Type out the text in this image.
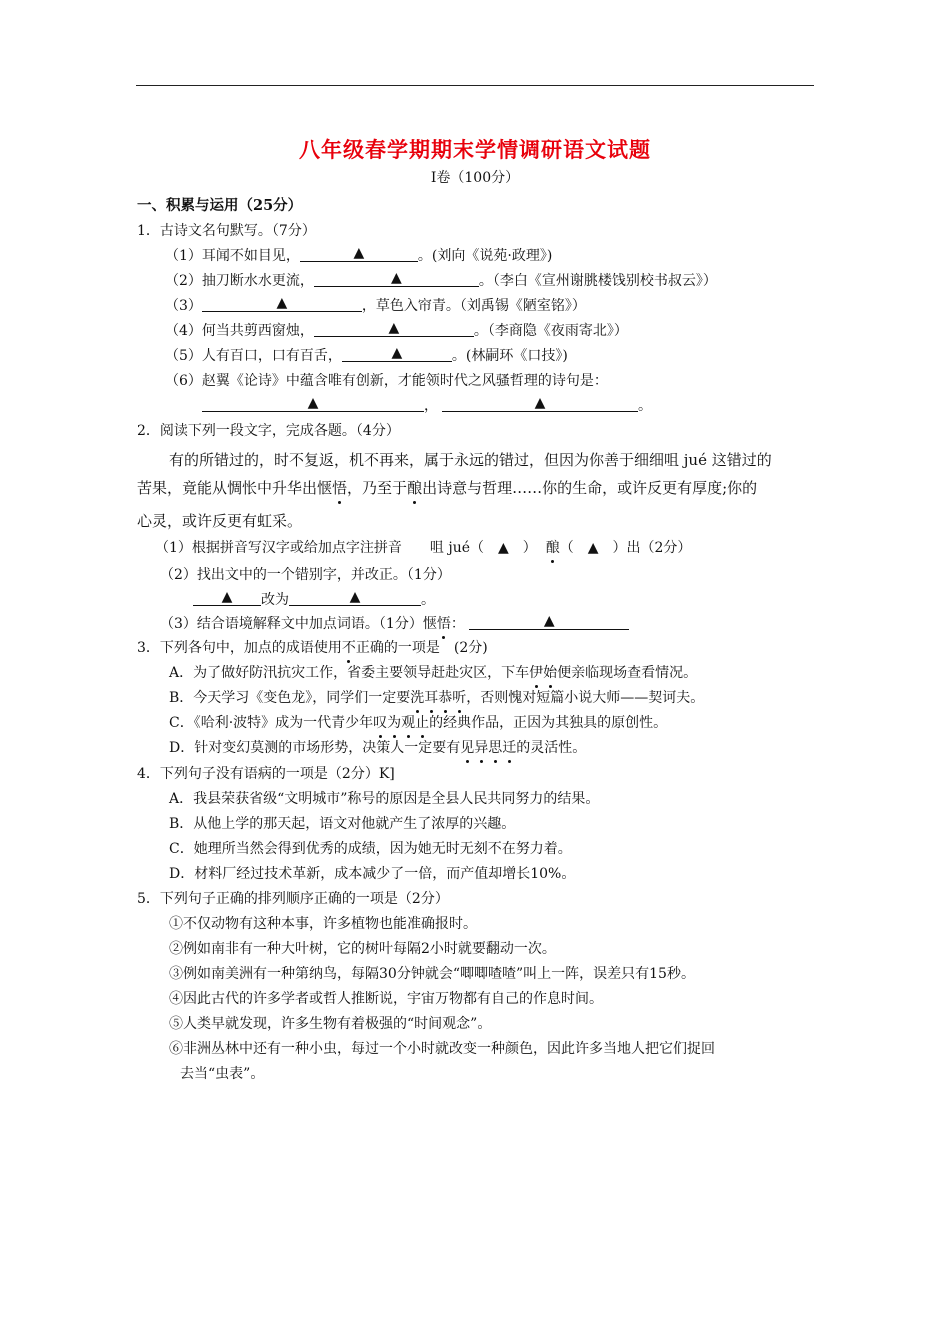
八年级春学期期末学情调研语文试题
Ⅰ卷（100分）
一、积累与运用（25分）
1．古诗文名句默写。（7分）
（1）耳闻不如目见，	▲	。(刘向《说苑·政理》)
（2）抽刀断水水更流，	▲	。（李白《宣州谢朓楼饯别校书叔云》）
（3）	▲	，草色入帘青。（刘禹锡《陋室铭》）
（4）何当共剪西窗烛，	▲	。（李商隐《夜雨寄北》）
（5）人有百口，口有百舌，	▲	。(林嗣环《口技》)
（6）赵翼《论诗》中蕴含唯有创新，才能领时代之风骚哲理的诗句是：
▲	，	▲	。
2．阅读下列一段文字，完成各题。（4分）
有的所错过的，时不复返，机不再来，属于永远的错过，但因为你善于细细咀 jué 这错过的
苦果，竟能从惆怅中升华出惬悟，乃至于酿出诗意与哲理……你的生命，或许反更有厚度;你的
心灵，或许反更有虹采。
（1）根据拼音写汉字或给加点字注拼音　　咀 jué（　▲　） 酿（　▲　）出（2分）
（2）找出文中的一个错别字，并改正。（1分）
▲ 改为	▲	。
（3）结合语境解释文中加点词语。（1分）惬悟：	▲
3．下列各句中，加点的成语使用不正确的一项是　(2分)
A．为了做好防汛抗灾工作，省委主要领导赶赴灾区，下车伊始便亲临现场查看情况。
B．今天学习《变色龙》，同学们一定要洗耳恭听，否则愧对短篇小说大师——契诃夫。
C．《哈利·波特》成为一代青少年叹为观止的经典作品，正因为其独具的原创性。
D．针对变幻莫测的市场形势，决策人一定要有见异思迁的灵活性。
4．下列句子没有语病的一项是（2分）K]
A．我县荣获省级“文明城市”称号的原因是全县人民共同努力的结果。
B．从他上学的那天起，语文对他就产生了浓厚的兴趣。
C．她理所当然会得到优秀的成绩，因为她无时无刻不在努力着。
D．材料厂经过技术革新，成本减少了一倍，而产值却增长10%。
5．下列句子正确的排列顺序正确的一项是（2分）
①不仅动物有这种本事，许多植物也能准确报时。
②例如南非有一种大叶树，它的树叶每隔2小时就要翻动一次。
③例如南美洲有一种第纳鸟，每隔30分钟就会“唧唧喳喳”叫上一阵，误差只有15秒。
④因此古代的许多学者或哲人推断说，宇宙万物都有自己的作息时间。
⑤人类早就发现，许多生物有着极强的“时间观念”。
⑥非洲丛林中还有一种小虫，每过一个小时就改变一种颜色，因此许多当地人把它们捉回
去当“虫表”。
